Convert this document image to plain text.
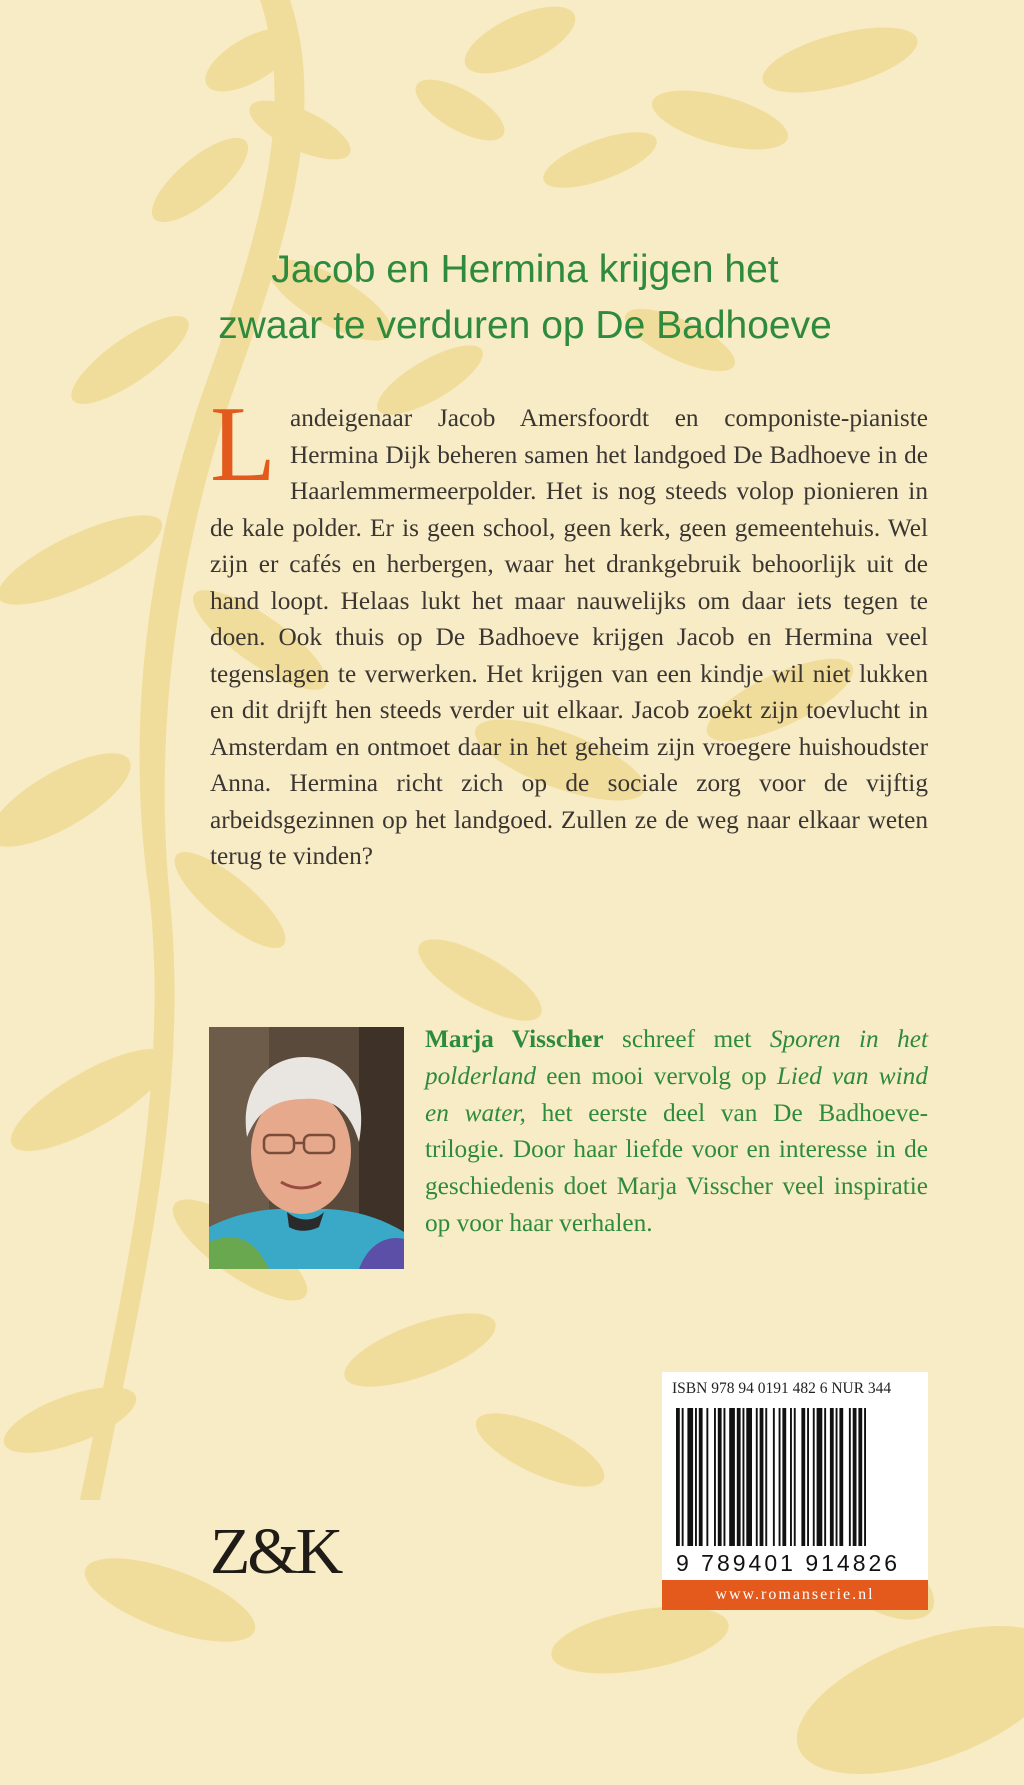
Jacob en Hermina krijgen het
zwaar te verduren op De Badhoeve

Landeigenaar Jacob Amersfoordt en componiste-pianiste Hermina Dijk beheren samen het landgoed De Badhoeve in de Haarlemmermeerpolder. Het is nog steeds volop pionieren in de kale polder. Er is geen school, geen kerk, geen gemeentehuis. Wel zijn er cafés en herbergen, waar het drankgebruik behoorlijk uit de hand loopt. Helaas lukt het maar nauwelijks om daar iets tegen te doen. Ook thuis op De Badhoeve krijgen Jacob en Hermina veel tegenslagen te verwerken. Het krijgen van een kindje wil niet lukken en dit drijft hen steeds verder uit elkaar. Jacob zoekt zijn toevlucht in Amsterdam en ontmoet daar in het geheim zijn vroegere huishoudster Anna. Hermina richt zich op de sociale zorg voor de vijftig arbeidsgezinnen op het landgoed. Zullen ze de weg naar elkaar weten terug te vinden?

Marja Visscher schreef met Sporen in het polderland een mooi vervolg op Lied van wind en water, het eerste deel van De Badhoeve-trilogie. Door haar liefde voor en interesse in de geschiedenis doet Marja Visscher veel inspiratie op voor haar verhalen.

ISBN 978 94 0191 482 6 NUR 344
9 789401 914826
www.romanserie.nl
Z&K
